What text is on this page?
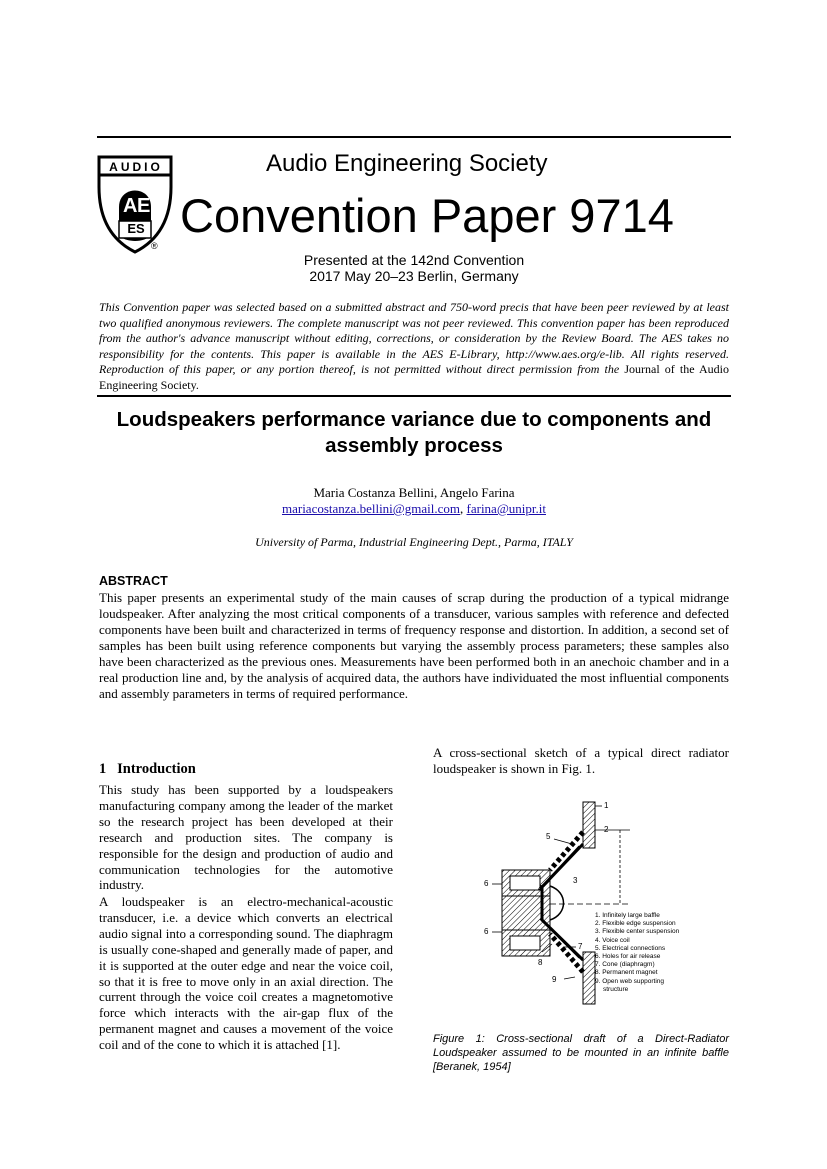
AUDIO
A E
ES
®
Audio Engineering Society
Convention Paper 9714
Presented at the 142nd Convention
2017 May 20–23 Berlin, Germany
This Convention paper was selected based on a submitted abstract and 750-word precis that have been peer reviewed by at least two qualified anonymous reviewers. The complete manuscript was not peer reviewed. This convention paper has been reproduced from the author's advance manuscript without editing, corrections, or consideration by the Review Board. The AES takes no responsibility for the contents. This paper is available in the AES E-Library, http://www.aes.org/e-lib. All rights reserved. Reproduction of this paper, or any portion thereof, is not permitted without direct permission from the Journal of the Audio Engineering Society.
Loudspeakers performance variance due to components and assembly process
Maria Costanza Bellini, Angelo Farina
mariacostanza.bellini@gmail.com, farina@unipr.it
University of Parma, Industrial Engineering Dept., Parma, ITALY
ABSTRACT
This paper presents an experimental study of the main causes of scrap during the production of a typical midrange loudspeaker. After analyzing the most critical components of a transducer, various samples with reference and defected components have been built and characterized in terms of frequency response and distortion. In addition, a second set of samples has been built using reference components but varying the assembly process parameters; these samples also have been characterized as the previous ones. Measurements have been performed both in an anechoic chamber and in a real production line and, by the analysis of acquired data, the authors have individuated the most influential components and assembly parameters in terms of required performance.
1   Introduction
This study has been supported by a loudspeakers manufacturing company among the leader of the market so the research project has been developed at their research and production sites. The company is responsible for the design and production of audio and communication technologies for the automotive industry.
A loudspeaker is an electro-mechanical-acoustic transducer, i.e. a device which converts an electrical audio signal into a corresponding sound. The diaphragm is usually cone-shaped and generally made of paper, and it is supported at the outer edge and near the voice coil, so that it is free to move only in an axial direction. The current through the voice coil creates a magnetomotive force which interacts with the air-gap flux of the permanent magnet and causes a movement of the voice coil and of the cone to which it is attached [1].
A cross-sectional sketch of a typical direct radiator loudspeaker is shown in Fig. 1.
1
2
3
4
5
6
6
7
8
9
1. Infinitely large baffle
2. Flexible edge suspension
3. Flexible center suspension
4. Voice coil
5. Electrical connections
6. Holes for air release
7. Cone (diaphragm)
8. Permanent magnet
9. Open web supporting
structure
Figure 1: Cross-sectional draft of a Direct-Radiator Loudspeaker assumed to be mounted in an infinite baffle [Beranek, 1954]
